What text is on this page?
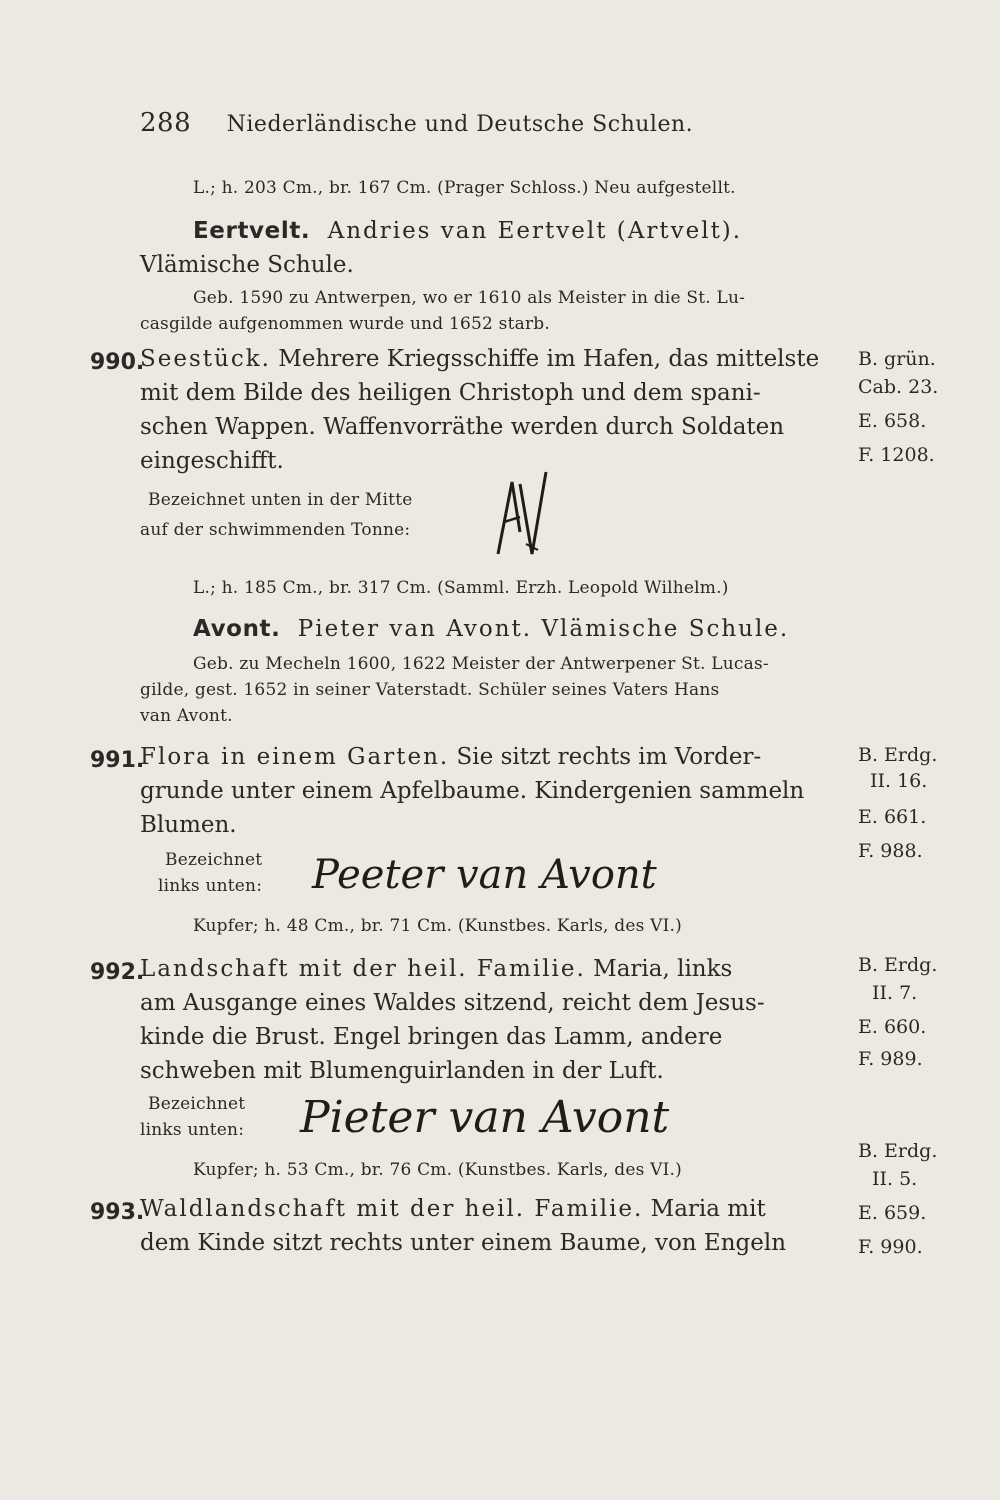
288 Niederländische und Deutsche Schulen.
L.; h. 203 Cm., br. 167 Cm. (Prager Schloss.) Neu aufgestellt.
Eertvelt. Andries van Eertvelt (Artvelt).
Vlämische Schule.
Geb. 1590 zu Antwerpen, wo er 1610 als Meister in die St. Lu-
casgilde aufgenommen wurde und 1652 starb.
990.
Seestück. Mehrere Kriegsschiffe im Hafen, das mittelste
mit dem Bilde des heiligen Christoph und dem spani-
schen Wappen. Waffenvorräthe werden durch Soldaten
eingeschifft.
Bezeichnet unten in der Mitte
auf der schwimmenden Tonne:
L.; h. 185 Cm., br. 317 Cm. (Samml. Erzh. Leopold Wilhelm.)
B. grün.
Cab. 23.
E. 658.
F. 1208.
Avont. Pieter van Avont. Vlämische Schule.
Geb. zu Mecheln 1600, 1622 Meister der Antwerpener St. Lucas-
gilde, gest. 1652 in seiner Vaterstadt. Schüler seines Vaters Hans
van Avont.
991.
Flora in einem Garten. Sie sitzt rechts im Vorder-
grunde unter einem Apfelbaume. Kindergenien sammeln
Blumen.
Bezeichnet
links unten: Peeter van Avont
Kupfer; h. 48 Cm., br. 71 Cm. (Kunstbes. Karls, des VI.)
B. Erdg.
II. 16.
E. 661.
F. 988.
992.
Landschaft mit der heil. Familie. Maria, links
am Ausgange eines Waldes sitzend, reicht dem Jesus-
kinde die Brust. Engel bringen das Lamm, andere
schweben mit Blumenguirlanden in der Luft.
Bezeichnet
links unten: Pieter van Avont
Kupfer; h. 53 Cm., br. 76 Cm. (Kunstbes. Karls, des VI.)
B. Erdg.
II. 7.
E. 660.
F. 989.
993.
Waldlandschaft mit der heil. Familie. Maria mit
dem Kinde sitzt rechts unter einem Baume, von Engeln
B. Erdg.
II. 5.
E. 659.
F. 990.
